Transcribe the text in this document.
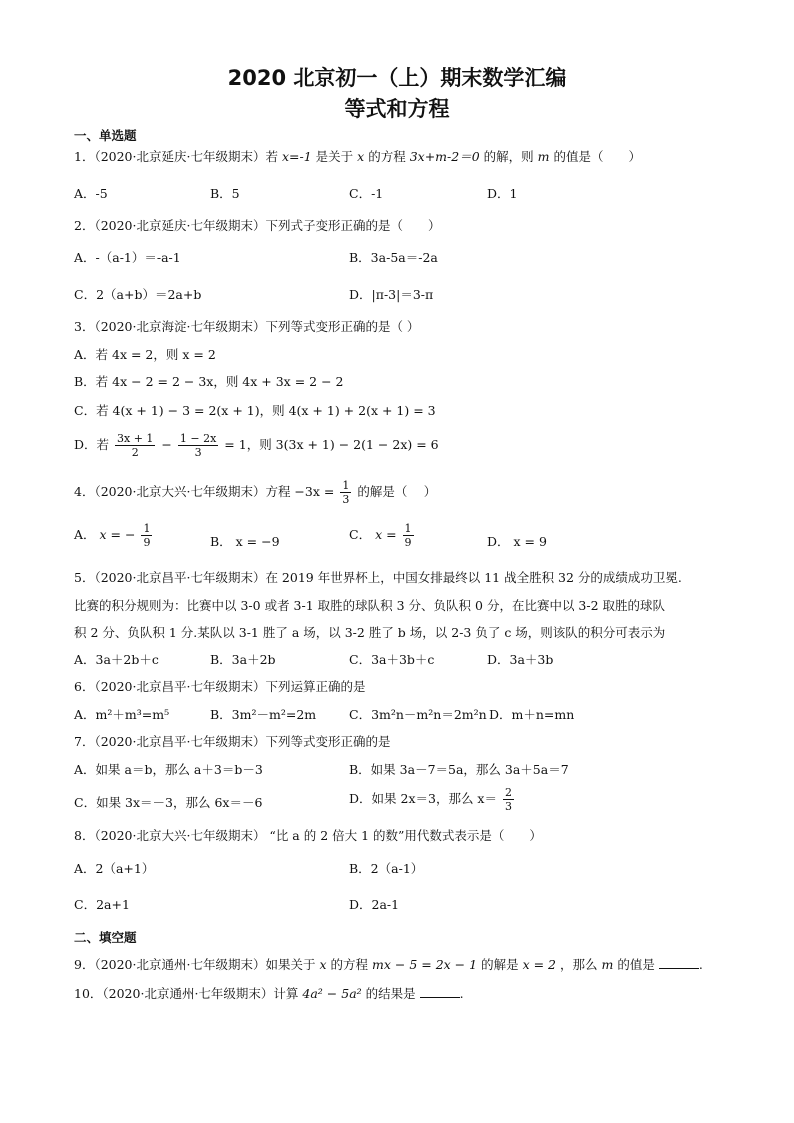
2020 北京初一（上）期末数学汇编
等式和方程
一、单选题
1．（2020·北京延庆·七年级期末）若 x=-1 是关于 x 的方程 3x+m-2＝0 的解，则 m 的值是（　　）
A．-5	B．5	C．-1	D．1
2．（2020·北京延庆·七年级期末）下列式子变形正确的是（　　）
A．-（a-1）＝-a-1	B．3a-5a＝-2a
C．2（a+b）＝2a+b	D．|π-3|＝3-π
3．（2020·北京海淀·七年级期末）下列等式变形正确的是（ ）
A．若 4x = 2，则 x = 2
B．若 4x − 2 = 2 − 3x，则 4x + 3x = 2 − 2
C．若 4(x + 1) − 3 = 2(x + 1)，则 4(x + 1) + 2(x + 1) = 3
D．若 $\frac{3x + 1}{2} - \frac{1 - 2x}{3} = 1$，则 3(3x + 1) − 2(1 − 2x) = 6
4．（2020·北京大兴·七年级期末）方程 $-3x = \frac{1}{3}$ 的解是（　 ）
A． x = − $\frac{1}{9}$	B． x = −9	C． $x = \frac{1}{9}$	D． x = 9
5．（2020·北京昌平·七年级期末）在 2019 年世界杯上，中国女排最终以 11 战全胜积 32 分的成绩成功卫冕.
比赛的积分规则为：比赛中以 3-0 或者 3-1 取胜的球队积 3 分、负队积 0 分，在比赛中以 3-2 取胜的球队
积 2 分、负队积 1 分.某队以 3-1 胜了 a 场，以 3-2 胜了 b 场，以 2-3 负了 c 场，则该队的积分可表示为
A．3a＋2b＋c	B．3a＋2b	C．3a＋3b＋c	D．3a＋3b
6．（2020·北京昌平·七年级期末）下列运算正确的是
A．m²＋m³=m⁵	B．3m²－m²=2m	C．3m²n－m²n＝2m²n D．m＋n=mn
7．（2020·北京昌平·七年级期末）下列等式变形正确的是
A．如果 a＝b，那么 a＋3＝b－3	B．如果 3a－7＝5a，那么 3a＋5a＝7
C．如果 3x＝－3，那么 6x＝－6	D．如果 2x＝3，那么 $x= \frac{2}{3}$
8．（2020·北京大兴·七年级期末） “比 a 的 2 倍大 1 的数”用代数式表示是（　　）
A．2（a+1）	B．2（a-1）
C．2a+1	D．2a-1
二、填空题
9．（2020·北京通州·七年级期末）如果关于 x 的方程 mx − 5 = 2x − 1 的解是 x = 2 ，那么 m 的值是	.
10．（2020·北京通州·七年级期末）计算 4a² − 5a² 的结果是	.
